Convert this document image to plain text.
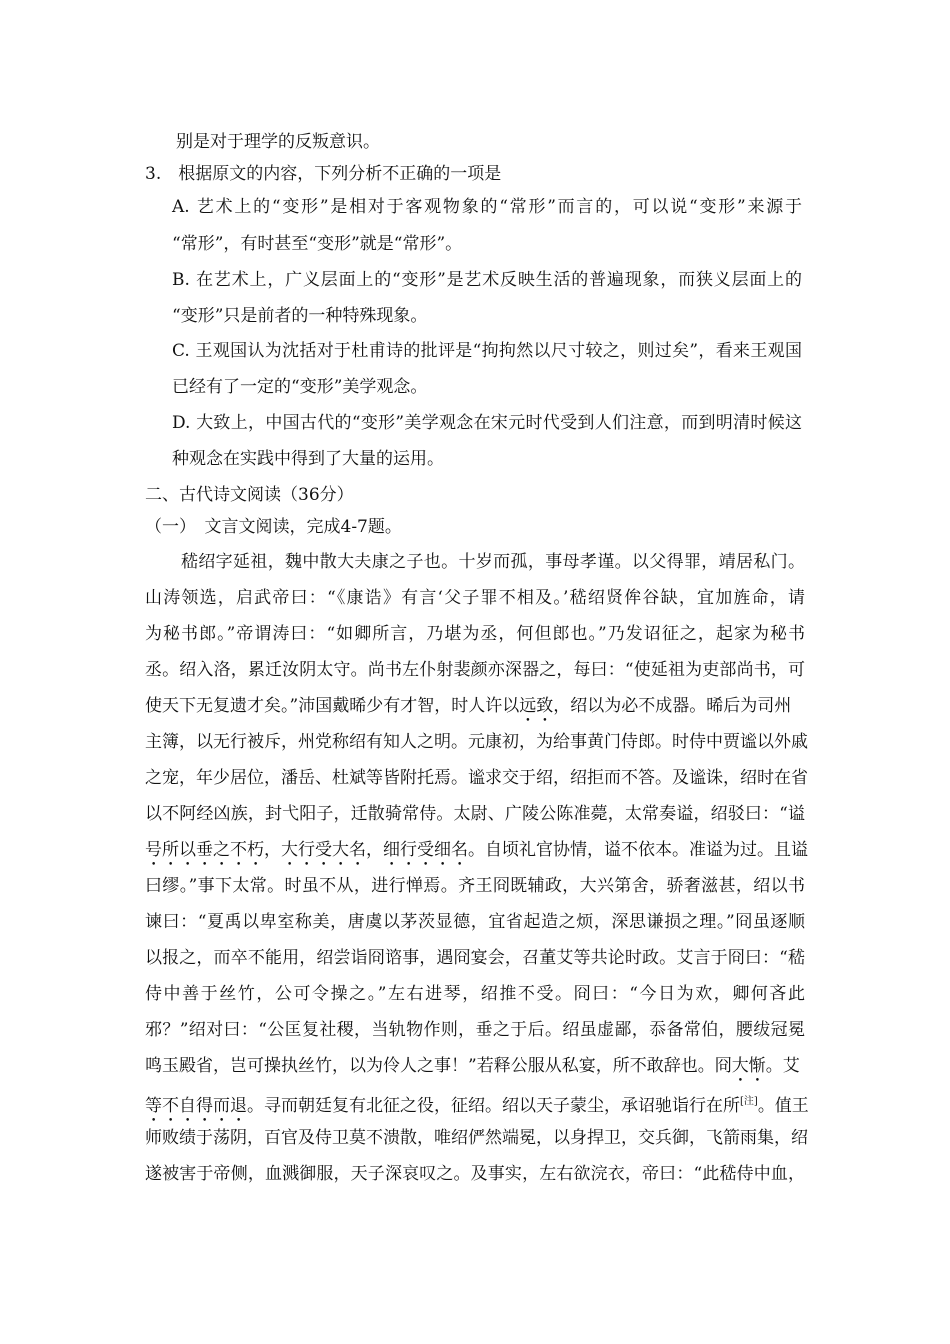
别是对于理学的反叛意识。
3.　根据原文的内容，下列分析不正确的一项是
A. 艺术上的“变形”是相对于客观物象的“常形”而言的，可以说“变形”来源于
“常形”，有时甚至“变形”就是“常形”。
B. 在艺术上，广义层面上的“变形”是艺术反映生活的普遍现象，而狭义层面上的
“变形”只是前者的一种特殊现象。
C. 王观国认为沈括对于杜甫诗的批评是“拘拘然以尺寸较之，则过矣”，看来王观国
已经有了一定的“变形”美学观念。
D. 大致上，中国古代的“变形”美学观念在宋元时代受到人们注意，而到明清时候这
种观念在实践中得到了大量的运用。
二、古代诗文阅读（36分）
（一）　文言文阅读，完成4-7题。
嵇绍字延祖，魏中散大夫康之子也。十岁而孤，事母孝谨。以父得罪，靖居私门。
山涛领选，启武帝曰：“《康诰》有言‘父子罪不相及。’嵇绍贤侔谷缺，宜加旌命，请
为秘书郎。”帝谓涛曰：“如卿所言，乃堪为丞，何但郎也。”乃发诏征之，起家为秘书
丞。绍入洛，累迁汝阴太守。尚书左仆射裴颜亦深器之，每曰：“使延祖为吏部尚书，可
使天下无复遗才矣。”沛国戴晞少有才智，时人许以远致，绍以为必不成器。晞后为司州
主簿，以无行被斥，州党称绍有知人之明。元康初，为给事黄门侍郎。时侍中贾谧以外戚
之宠，年少居位，潘岳、杜斌等皆附托焉。谧求交于绍，绍拒而不答。及谧诛，绍时在省
以不阿经凶族，封弋阳子，迁散骑常侍。太尉、广陵公陈准薨，太常奏谥，绍驳曰：“谥
号所以垂之不朽，大行受大名，细行受细名。自顷礼官协情，谥不依本。准谥为过。且谥
曰缪。”事下太常。时虽不从，进行惮焉。齐王冏既辅政，大兴第舍，骄奢滋甚，绍以书
谏曰：“夏禹以卑室称美，唐虞以茅茨显德，宜省起造之烦，深思谦损之理。”冏虽逐顺
以报之，而卒不能用，绍尝诣冏谘事，遇冏宴会，召董艾等共论时政。艾言于冏曰：“嵇
侍中善于丝竹，公可令操之。”左右进琴，绍推不受。冏曰：“今日为欢，卿何吝此
邪？”绍对曰：“公匡复社稷，当轨物作则，垂之于后。绍虽虚鄙，忝备常伯，腰绂冠冕
鸣玉殿省，岂可操执丝竹，以为伶人之事！”若释公服从私宴，所不敢辞也。冏大惭。艾
等不自得而退。寻而朝廷复有北征之役，征绍。绍以天子蒙尘，承诏驰诣行在所[注]。值王
师败绩于荡阴，百官及侍卫莫不溃散，唯绍俨然端冕，以身捍卫，交兵御，飞箭雨集，绍
遂被害于帝侧，血溅御服，天子深哀叹之。及事实，左右欲浣衣，帝曰：“此嵇侍中血，
